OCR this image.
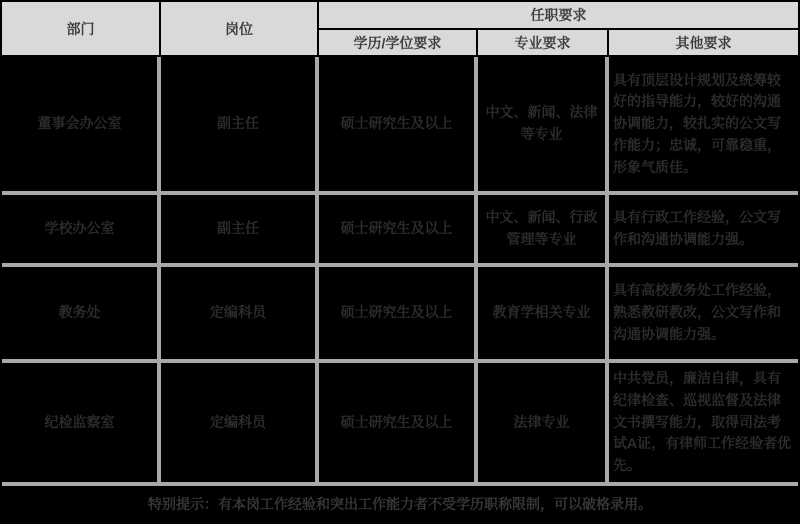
部门	岗位	任职要求		
		学历/学位要求	专业要求	其他要求
董事会办公室	副主任	硕士研究生及以上	中文、新闻、法律等专业	具有顶层设计规划及统筹较好的指导能力，较好的沟通协调能力，较扎实的公文写作能力；忠诚，可靠稳重，形象气质佳。
学校办公室	副主任	硕士研究生及以上	中文、新闻、行政管理等专业	具有行政工作经验，公文写作和沟通协调能力强。
教务处	定编科员	硕士研究生及以上	教育学相关专业	具有高校教务处工作经验，熟悉教研教改，公文写作和沟通协调能力强。
纪检监察室	定编科员	硕士研究生及以上	法律专业	中共党员，廉洁自律，具有纪律检查、巡视监督及法律文书撰写能力，取得司法考试A证，有律师工作经验者优先。
特别提示：有本岗工作经验和突出工作能力者不受学历职称限制，可以破格录用。				
